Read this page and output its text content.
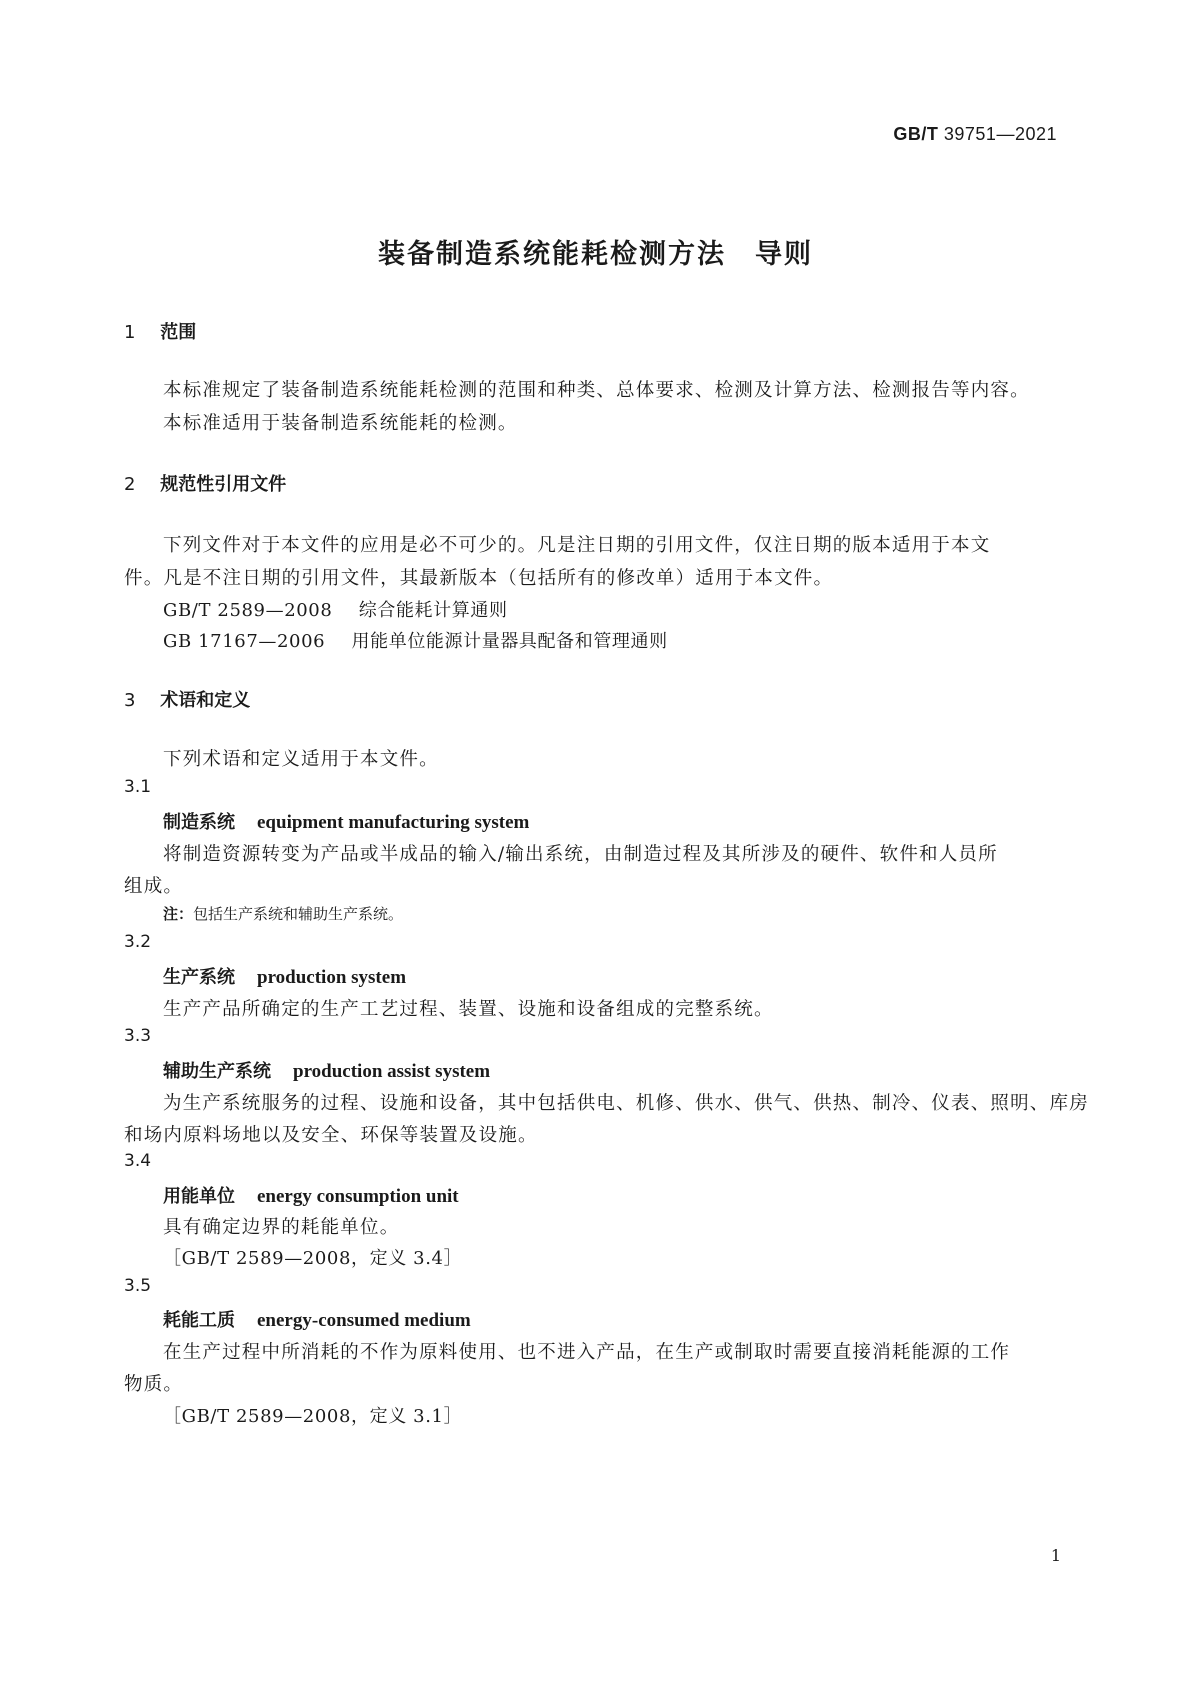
GB/T 39751—2021
装备制造系统能耗检测方法　导则
1 范围
本标准规定了装备制造系统能耗检测的范围和种类、总体要求、检测及计算方法、检测报告等内容。
本标准适用于装备制造系统能耗的检测。
2 规范性引用文件
下列文件对于本文件的应用是必不可少的。凡是注日期的引用文件，仅注日期的版本适用于本文
件。凡是不注日期的引用文件，其最新版本（包括所有的修改单）适用于本文件。
GB/T 2589—2008 综合能耗计算通则
GB 17167—2006 用能单位能源计量器具配备和管理通则
3 术语和定义
下列术语和定义适用于本文件。
3.1
制造系统 equipment manufacturing system
将制造资源转变为产品或半成品的输入/输出系统，由制造过程及其所涉及的硬件、软件和人员所
组成。
注：包括生产系统和辅助生产系统。
3.2
生产系统 production system
生产产品所确定的生产工艺过程、装置、设施和设备组成的完整系统。
3.3
辅助生产系统 production assist system
为生产系统服务的过程、设施和设备，其中包括供电、机修、供水、供气、供热、制冷、仪表、照明、库房
和场内原料场地以及安全、环保等装置及设施。
3.4
用能单位 energy consumption unit
具有确定边界的耗能单位。
［GB/T 2589—2008，定义 3.4］
3.5
耗能工质 energy-consumed medium
在生产过程中所消耗的不作为原料使用、也不进入产品，在生产或制取时需要直接消耗能源的工作
物质。
［GB/T 2589—2008，定义 3.1］
1
